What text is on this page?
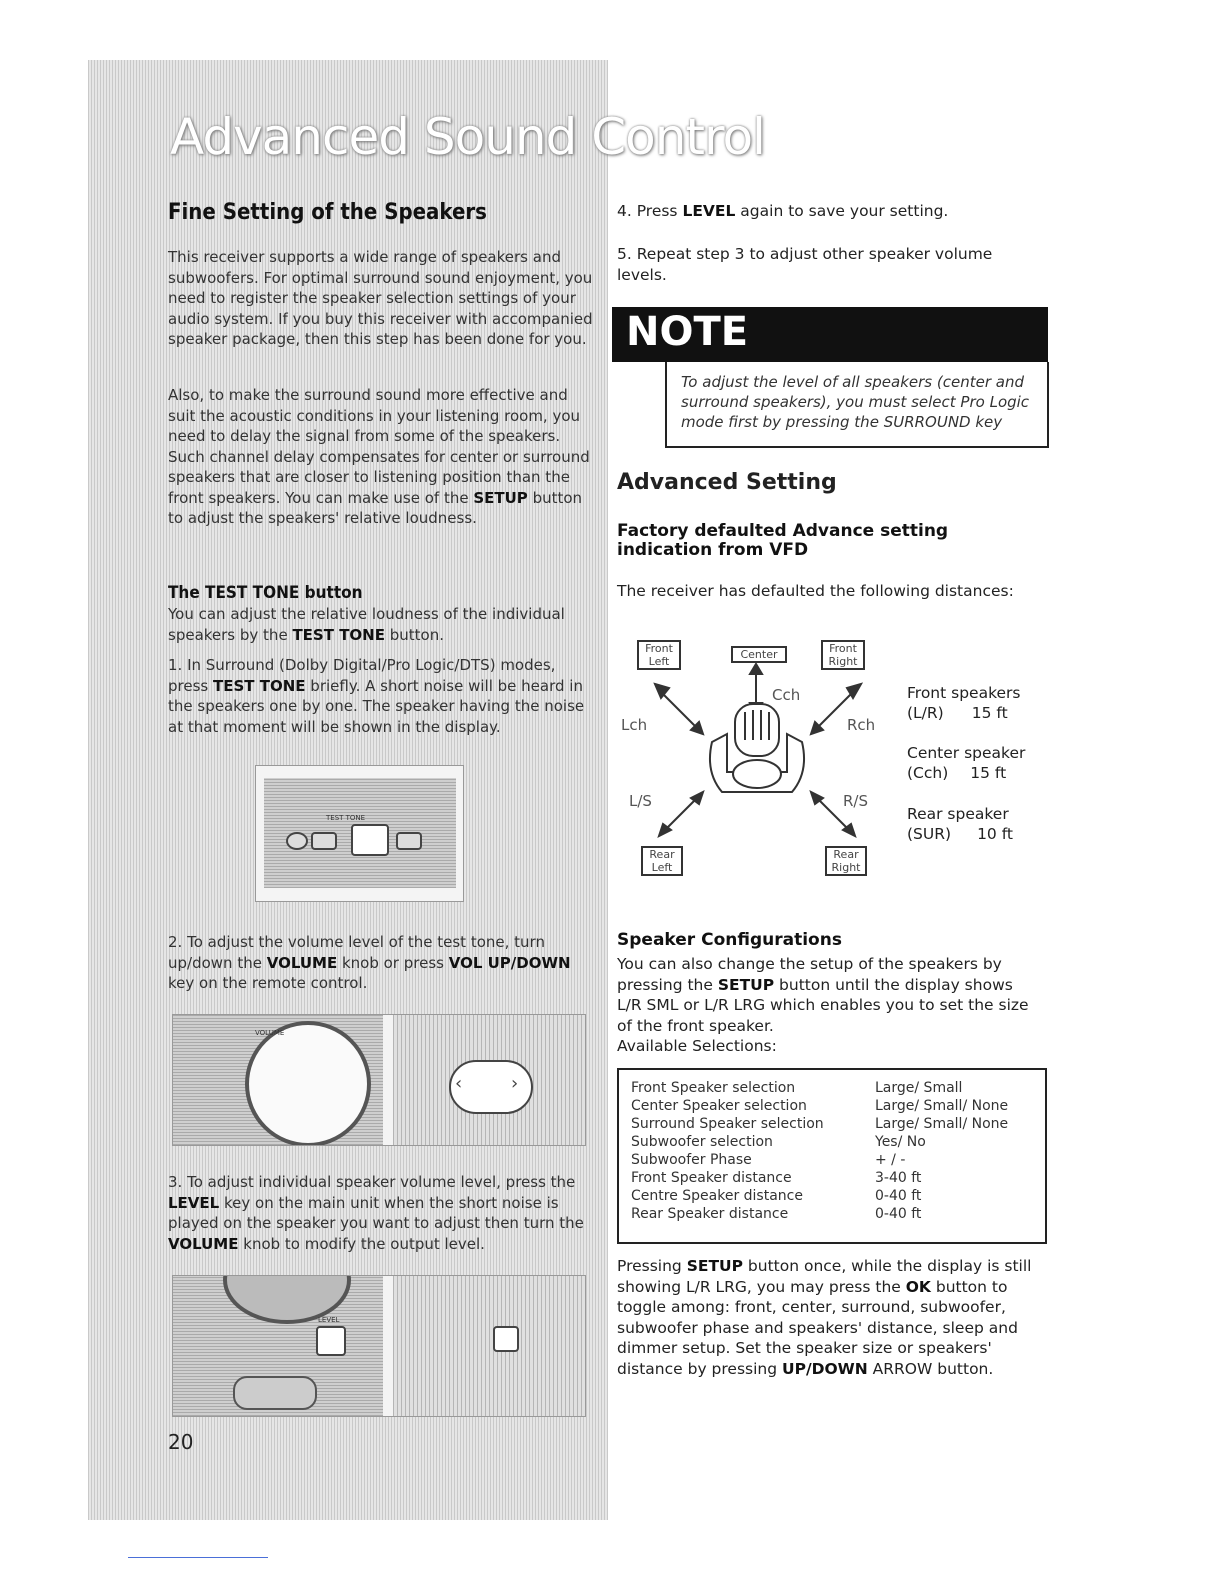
Advanced Sound Control
Fine Setting of the Speakers
This receiver supports a wide range of speakers and subwoofers. For optimal surround sound enjoyment, you need to register the speaker selection settings of your audio system. If you buy this receiver with accompanied speaker package, then this step has been done for you.
Also, to make the surround sound more effective and suit the acoustic conditions in your listening room, you need to delay the signal from some of the speakers. Such channel delay compensates for center or surround speakers that are closer to listening position than the front speakers. You can make use of the SETUP button to adjust the speakers' relative loudness.
The TEST TONE button
You can adjust the relative loudness of the individual speakers by the TEST TONE button.
1. In Surround (Dolby Digital/Pro Logic/DTS) modes, press TEST TONE briefly. A short noise will be heard in the speakers one by one. The speaker having the noise at that moment will be shown in the display.
TEST TONE
2. To adjust the volume level of the test tone, turn up/down the VOLUME knob or press VOL UP/DOWN key on the remote control.
VOLUME
‹	›
3. To adjust individual speaker volume level, press the LEVEL key on the main unit when the short noise is played on the speaker you want to adjust then turn the VOLUME knob to modify the output level.
LEVEL
20
4. Press LEVEL again to save your setting.
5. Repeat step 3 to adjust other speaker volume levels.
NOTE

To adjust the level of all speakers (center and surround speakers), you must select Pro Logic mode first by pressing the SURROUND key

Advanced Setting
Factory defaulted Advance setting indication from VFD
The receiver has defaulted the following distances:
Front
Left
Center	Front
Right
Rear
Left
Rear
Right
Cch
Lch	Rch
L/S	R/S
Front speakers
(L/R) 15 ft
Center speaker
(Cch) 15 ft
Rear speaker
(SUR) 10 ft
Speaker Configurations
You can also change the setup of the speakers by pressing the SETUP button until the display shows L/R SML or L/R LRG which enables you to set the size of the front speaker.
Available Selections:
Front Speaker selection	Large/ Small
Center Speaker selection	Large/ Small/ None
Surround Speaker selection	Large/ Small/ None
Subwoofer selection	Yes/ No
Subwoofer Phase	+ / -
Front Speaker distance	3-40 ft
Centre Speaker distance	0-40 ft
Rear Speaker distance	0-40 ft
Pressing SETUP button once, while the display is still showing L/R LRG, you may press the OK button to toggle among: front, center, surround, subwoofer, subwoofer phase and speakers' distance, sleep and dimmer setup. Set the speaker size or speakers' distance by pressing UP/DOWN ARROW button.
